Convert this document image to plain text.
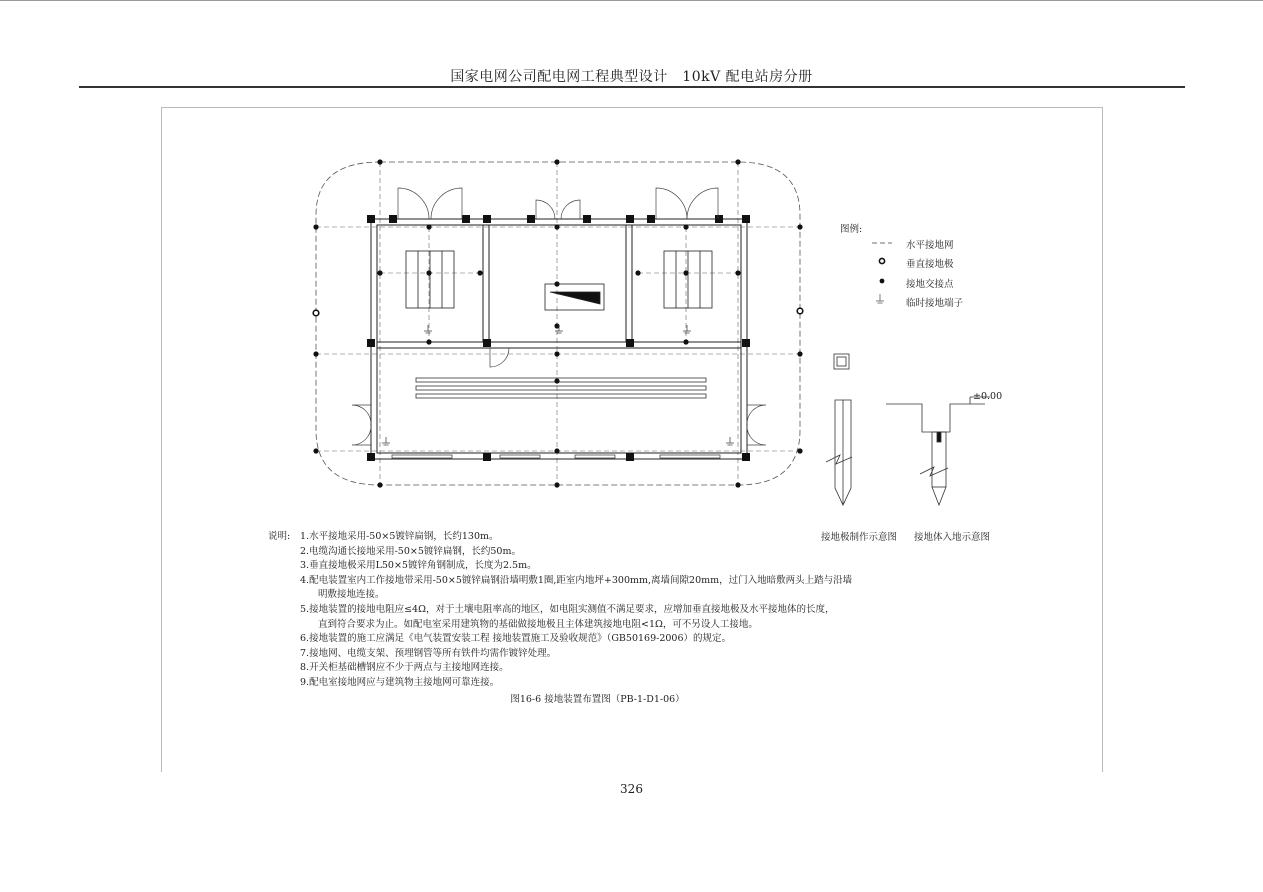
国家电网公司配电网工程典型设计　10kV 配电站房分册
图例:
水平接地网
垂直接地极
接地交接点
临时接地端子
±0.00
接地极制作示意图 接地体入地示意图
说明: 1.水平接地采用-50×5镀锌扁钢，长约130m。
2.电缆沟通长接地采用-50×5镀锌扁钢，长约50m。
3.垂直接地极采用L50×5镀锌角钢制成，长度为2.5m。
4.配电装置室内工作接地带采用-50×5镀锌扁钢沿墙明敷1圈,距室内地坪+300mm,离墙间隙20mm，过门入地暗敷两头上踏与沿墙
明敷接地连接。
5.接地装置的接地电阻应≤4Ω，对于土壤电阻率高的地区，如电阻实测值不满足要求，应增加垂直接地极及水平接地体的长度，
直到符合要求为止。如配电室采用建筑物的基础做接地极且主体建筑接地电阻<1Ω，可不另设人工接地。
6.接地装置的施工应满足《电气装置安装工程 接地装置施工及验收规范》（GB50169-2006）的规定。
7.接地网、电缆支架、预埋钢管等所有铁件均需作镀锌处理。
8.开关柜基础槽钢应不少于两点与主接地网连接。
9.配电室接地网应与建筑物主接地网可靠连接。
图16-6 接地装置布置图（PB-1-D1-06）
326
